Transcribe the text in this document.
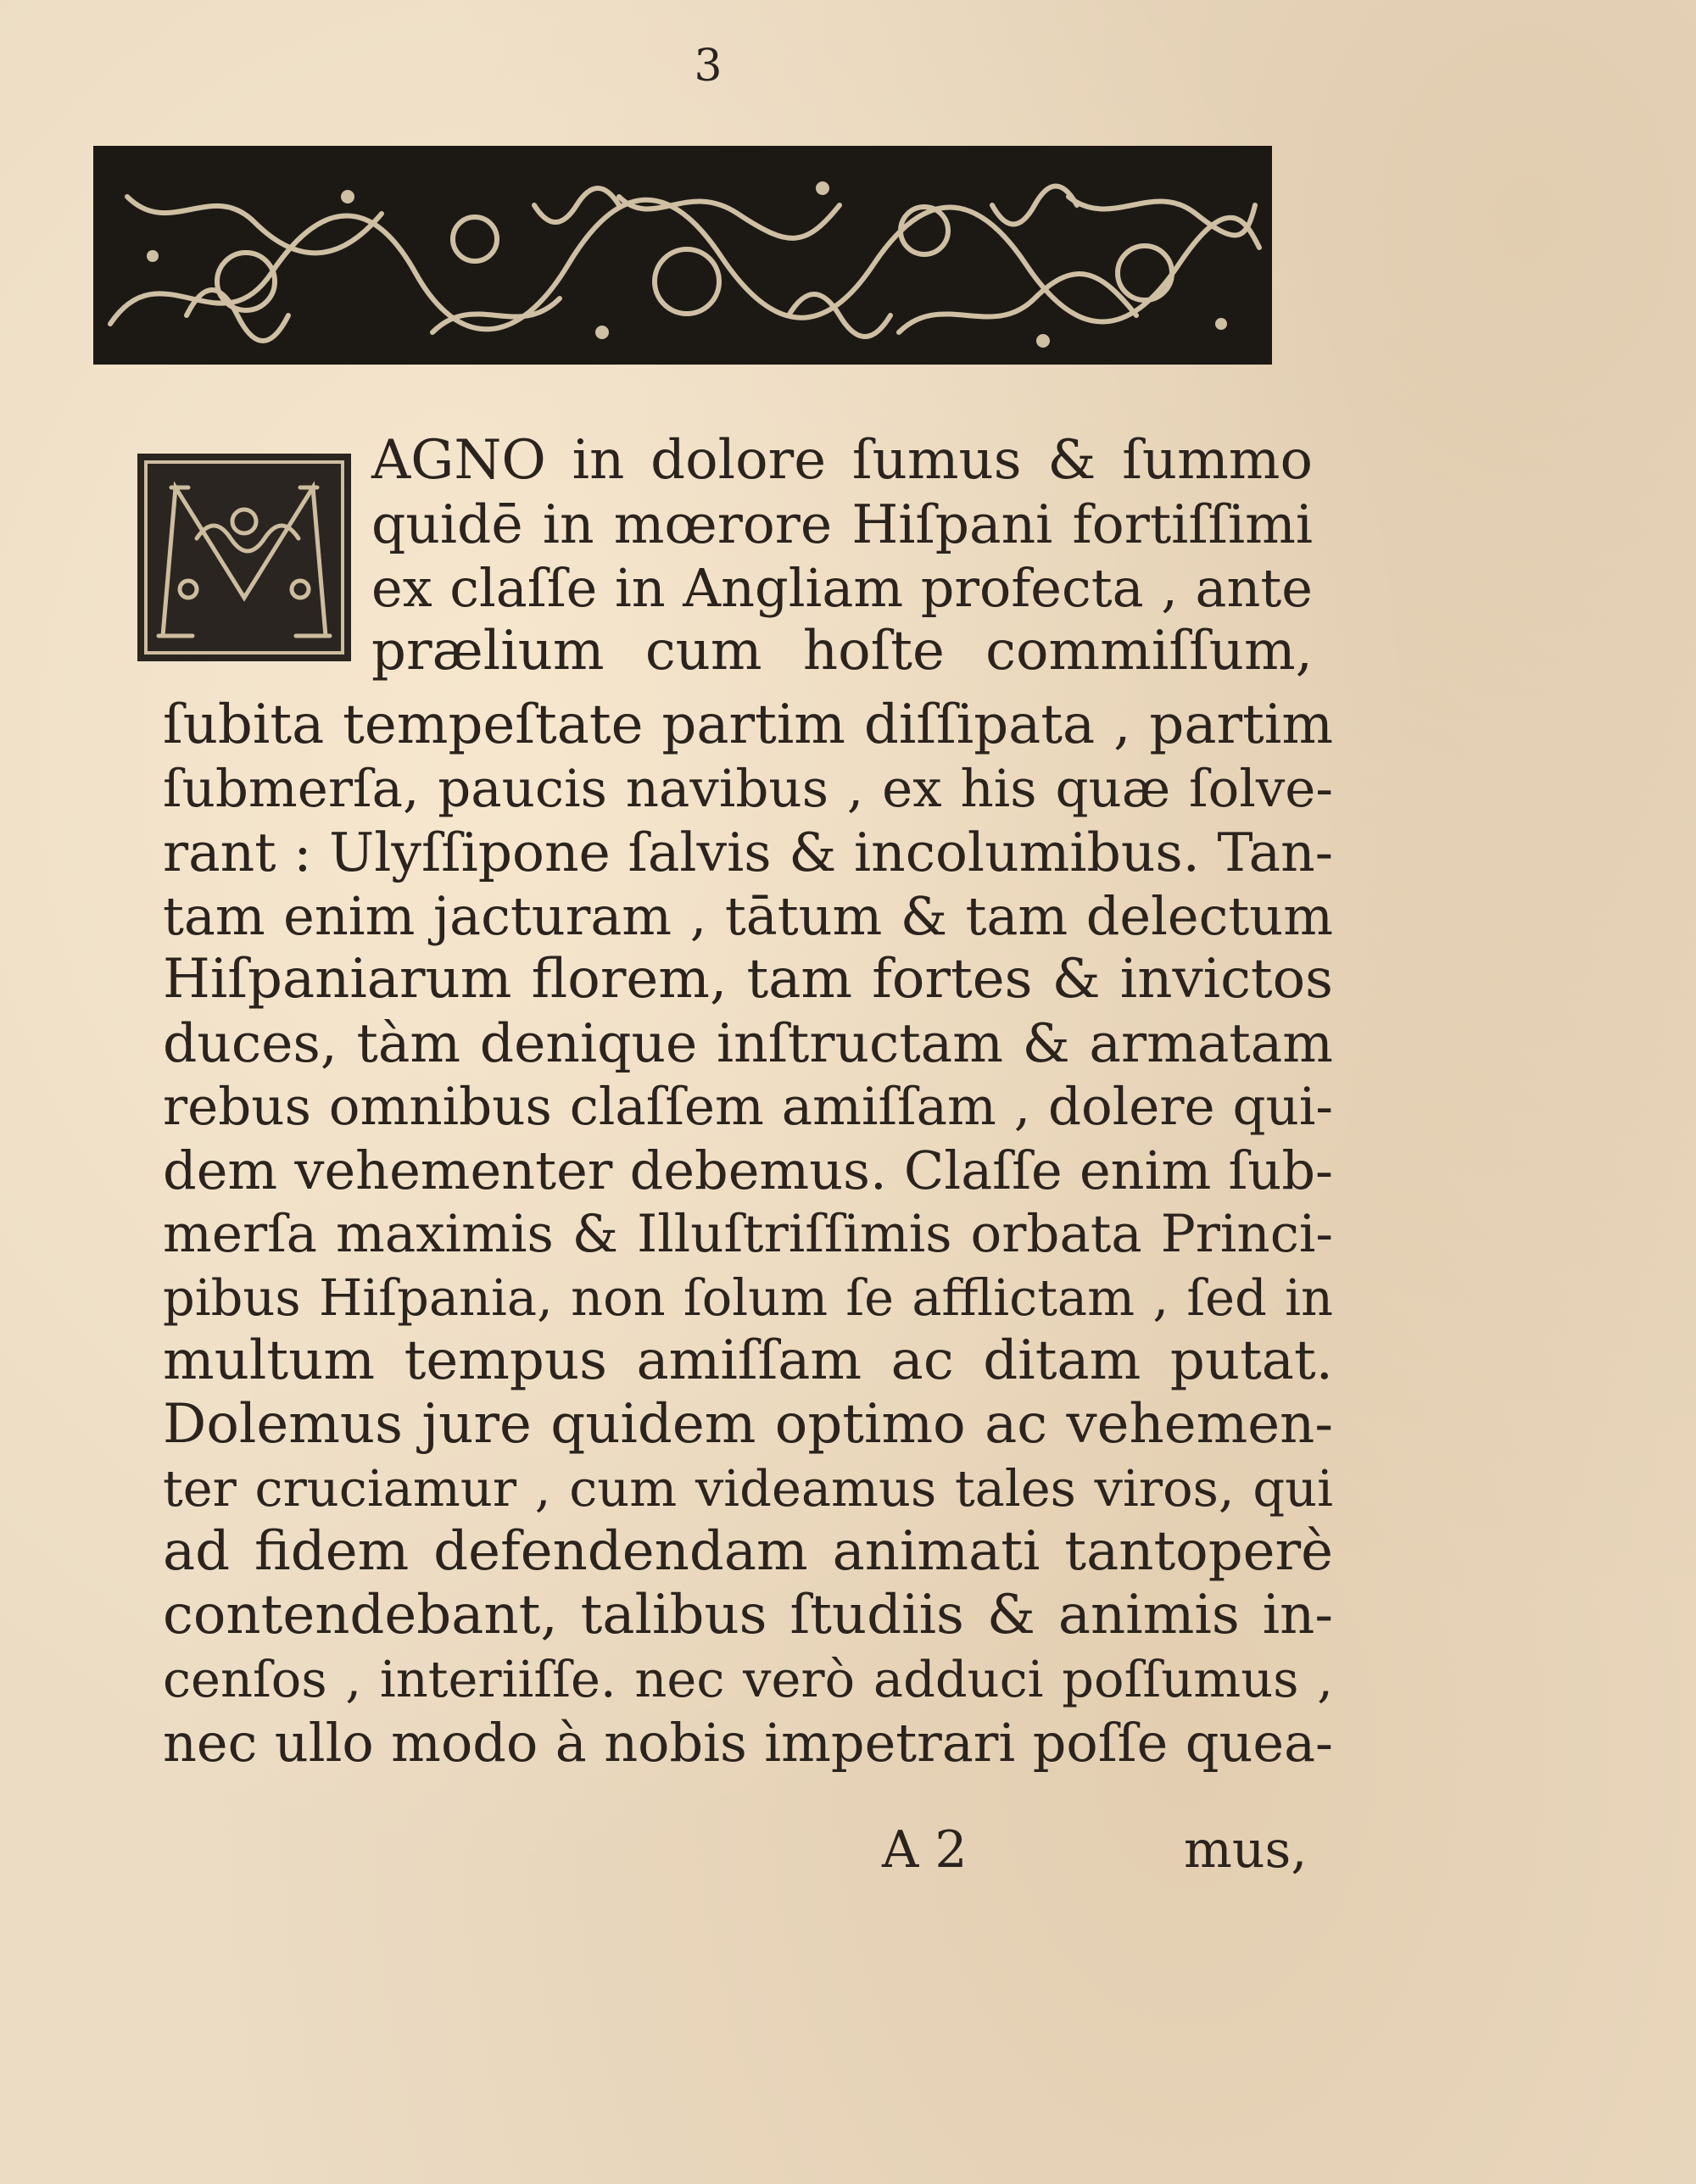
3
AGNO in dolore ſumus & ſummo
quidē in mœrore Hiſpani fortiſſimi
ex claſſe in Angliam profecta , ante
prælium cum hoſte commiſſum,
ſubita tempeſtate partim diſſipata , partim
ſubmerſa, paucis navibus , ex his quæ ſolve-
rant : Ulyſſipone ſalvis & incolumibus. Tan-
tam enim jacturam , tātum & tam delectum
Hiſpaniarum florem, tam fortes & invictos
duces, tàm denique inſtructam & armatam
rebus omnibus claſſem amiſſam , dolere qui-
dem vehementer debemus. Claſſe enim ſub-
merſa maximis & Illuſtriſſimis orbata Princi-
pibus Hiſpania, non ſolum ſe afflictam , ſed in
multum tempus amiſſam ac ditam putat.
Dolemus jure quidem optimo ac vehemen-
ter cruciamur , cum videamus tales viros, qui
ad fidem defendendam animati tantoperè
contendebant, talibus ſtudiis & animis in-
cenſos , interiiſſe. nec verò adduci poſſumus ,
nec ullo modo à nobis impetrari poſſe quea-
A 2	mus,
